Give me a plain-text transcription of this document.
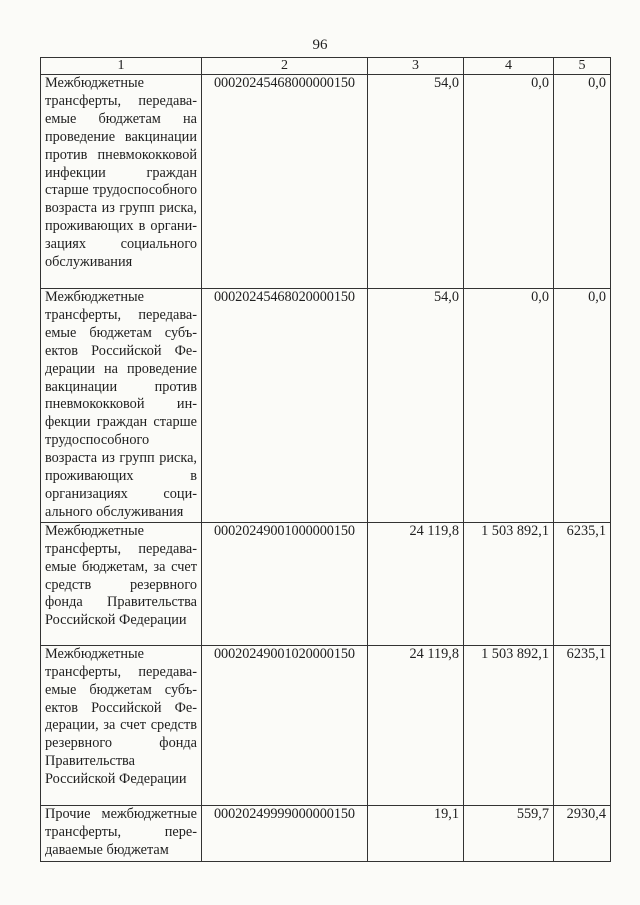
96
1	2	3	4	5
Межбюджетные трансферты, передаваемые бюджетам на проведение вакцинации против пневмококковой инфекции граждан старше трудоспособного возраста из групп риска, проживающих в организациях социального обслуживания	00020245468000000150	54,0	0,0	0,0
Межбюджетные трансферты, передаваемые бюджетам субъектов Российской Федерации на проведение вакцинации против пневмококковой инфекции граждан старше трудоспособного возраста из групп риска, проживающих в организациях социального обслуживания	00020245468020000150	54,0	0,0	0,0
Межбюджетные трансферты, передаваемые бюджетам, за счет средств резервного фонда Правительства Российской Федерации	00020249001000000150	24 119,8	1 503 892,1	6235,1
Межбюджетные трансферты, передаваемые бюджетам субъектов Российской Федерации, за счет средств резервного фонда Правительства Российской Федерации	00020249001020000150	24 119,8	1 503 892,1	6235,1
Прочие межбюджетные трансферты, передаваемые бюджетам	00020249999000000150	19,1	559,7	2930,4
